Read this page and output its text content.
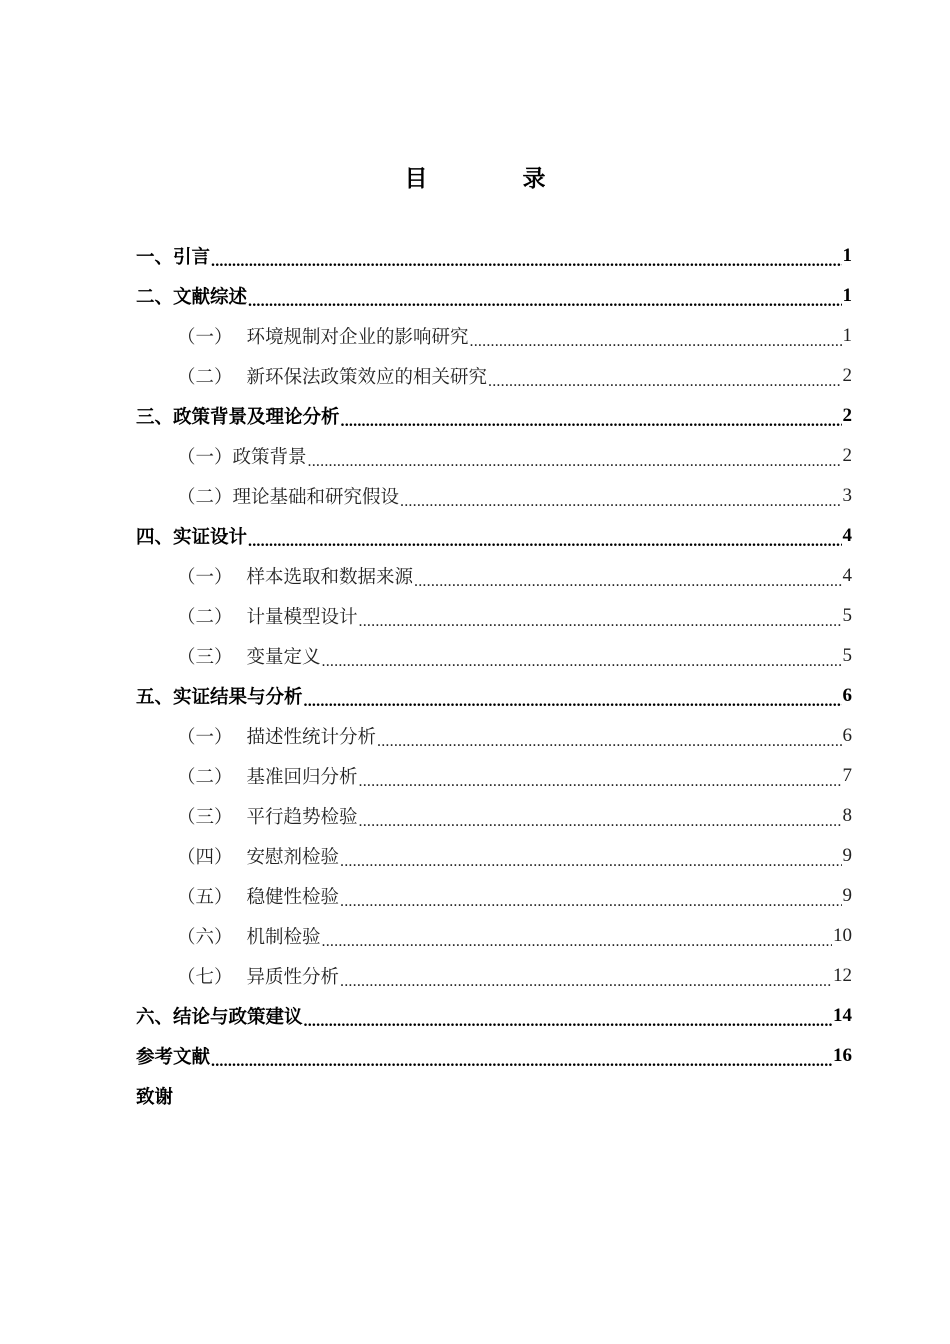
目	录
一、引言 .....	1
二、文献综述 .....	1
（一） 环境规制对企业的影响研究 .....	1
（二） 新环保法政策效应的相关研究 .....	2
三、政策背景及理论分析 .....	2
（一）政策背景 .....	2
（二）理论基础和研究假设 .....	3
四、实证设计 .....	4
（一） 样本选取和数据来源 .....	4
（二） 计量模型设计 .....	5
（三） 变量定义 .....	5
五、实证结果与分析 .....	6
（一） 描述性统计分析 .....	6
（二） 基准回归分析 .....	7
（三） 平行趋势检验 .....	8
（四） 安慰剂检验 .....	9
（五） 稳健性检验 .....	9
（六） 机制检验 .....	10
（七） 异质性分析 .....	12
六、结论与政策建议 .....	14
参考文献 .....	16
致谢
